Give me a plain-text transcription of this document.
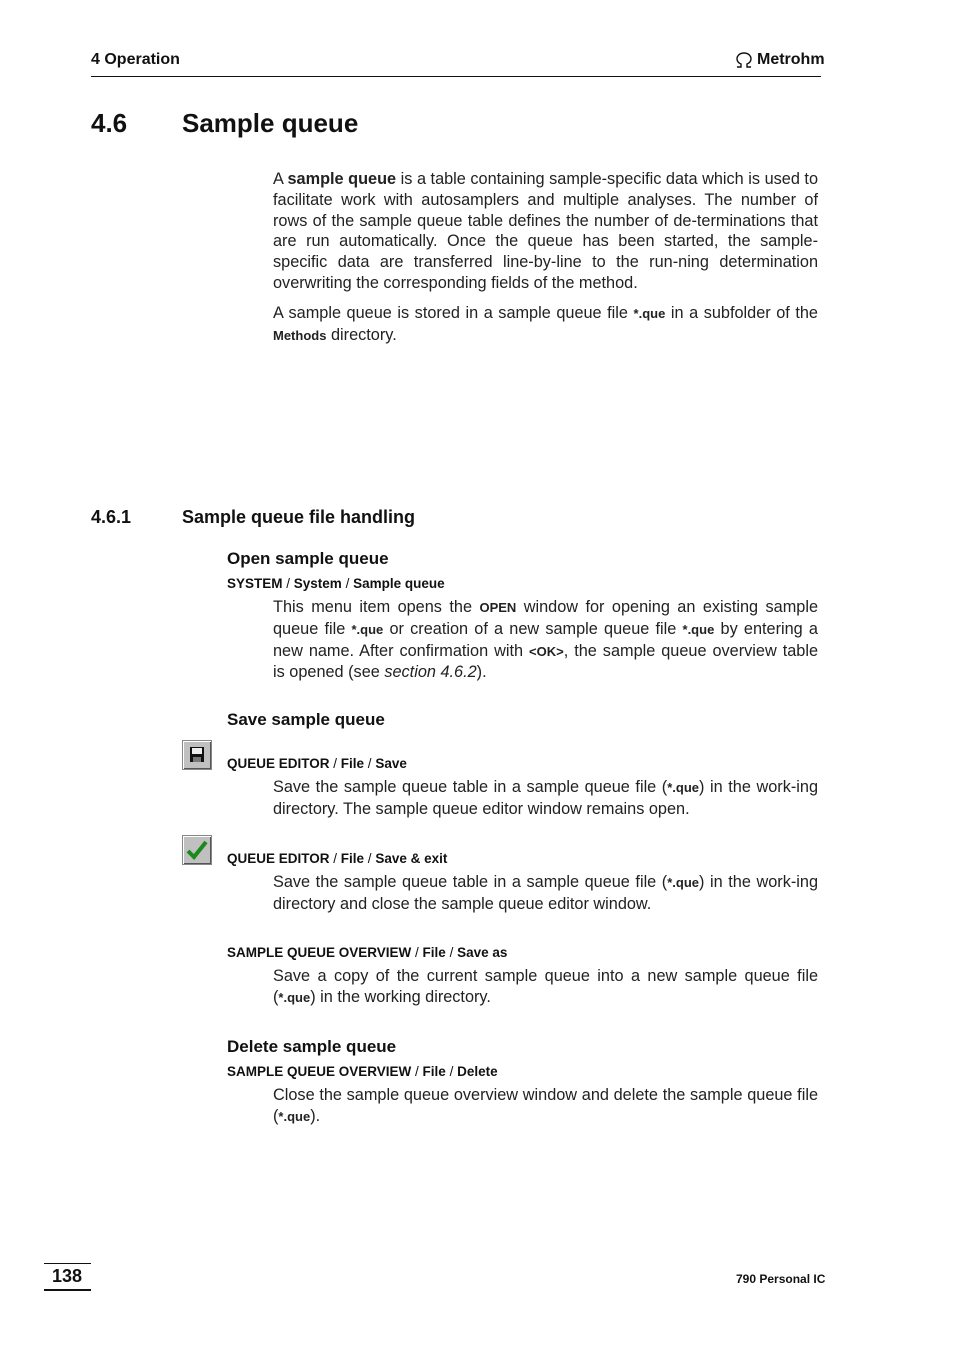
4 Operation	Metrohm
4.6 Sample queue
A sample queue is a table containing sample-specific data which is used to facilitate work with autosamplers and multiple analyses. The number of rows of the sample queue table defines the number of de-terminations that are run automatically. Once the queue has been started, the sample-specific data are transferred line-by-line to the run-ning determination overwriting the corresponding fields of the method.
A sample queue is stored in a sample queue file *.que in a subfolder of the Methods directory.
4.6.1	Sample queue file handling
Open sample queue
SYSTEM / System / Sample queue
This menu item opens the OPEN window for opening an existing sample queue file *.que or creation of a new sample queue file *.que by entering a new name. After confirmation with <OK>, the sample queue overview table is opened (see section 4.6.2).
Save sample queue
QUEUE EDITOR / File / Save
Save the sample queue table in a sample queue file (*.que) in the work-ing directory. The sample queue editor window remains open.
QUEUE EDITOR / File / Save & exit
Save the sample queue table in a sample queue file (*.que) in the work-ing directory and close the sample queue editor window.
SAMPLE QUEUE OVERVIEW / File / Save as
Save a copy of the current sample queue into a new sample queue file (*.que) in the working directory.
Delete sample queue
SAMPLE QUEUE OVERVIEW / File / Delete
Close the sample queue overview window and delete the sample queue file (*.que).
138	790 Personal IC
